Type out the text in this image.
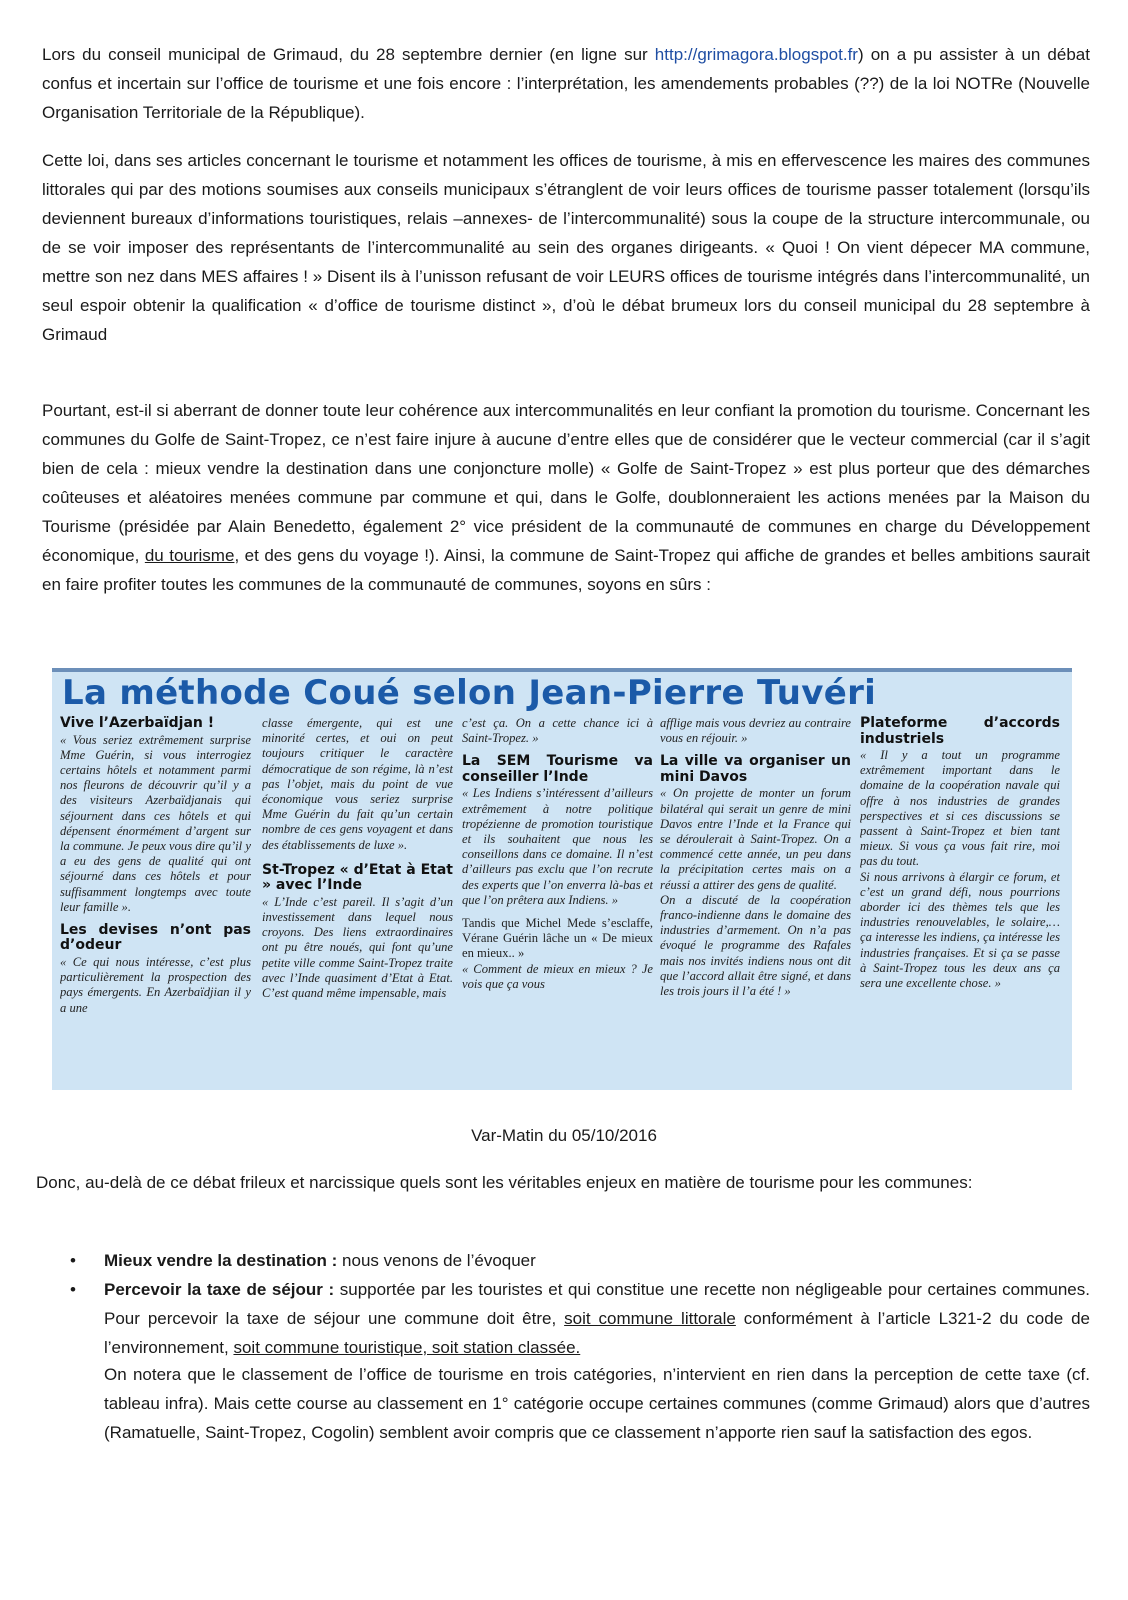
Lors du conseil municipal de Grimaud, du 28 septembre dernier (en ligne sur http://grimagora.blogspot.fr) on a pu assister à un débat confus et incertain sur l’office de tourisme et une fois encore : l’interprétation, les amendements probables (??) de la loi NOTRe (Nouvelle Organisation Territoriale de la République).

Cette loi, dans ses articles concernant le tourisme et notamment les offices de tourisme, à mis en effervescence les maires des communes littorales qui par des motions soumises aux conseils municipaux s’étranglent de voir leurs offices de tourisme passer totalement (lorsqu’ils deviennent bureaux d’informations touristiques, relais –annexes- de l’intercommunalité) sous la coupe de la structure intercommunale, ou de se voir imposer des représentants de l’intercommunalité au sein des organes dirigeants. « Quoi ! On vient dépecer MA commune, mettre son nez dans MES affaires ! » Disent ils à l’unisson refusant de voir LEURS offices de tourisme intégrés dans l’intercommunalité, un seul espoir obtenir la qualification « d’office de tourisme distinct », d’où le débat brumeux lors du conseil municipal du 28 septembre à Grimaud

Pourtant, est-il si aberrant de donner toute leur cohérence aux intercommunalités en leur confiant la promotion du tourisme. Concernant les communes du Golfe de Saint-Tropez, ce n’est faire injure à aucune d’entre elles que de considérer que le vecteur commercial (car il s’agit bien de cela : mieux vendre la destination dans une conjoncture molle) « Golfe de Saint-Tropez » est plus porteur que des démarches coûteuses et aléatoires menées commune par commune et qui, dans le Golfe, doublonneraient les actions menées par la Maison du Tourisme (présidée par Alain Benedetto, également 2° vice président de la communauté de communes en charge du Développement économique, du tourisme, et des gens du voyage !). Ainsi, la commune de Saint-Tropez qui affiche de grandes et belles ambitions saurait en faire profiter toutes les communes de la communauté de communes, soyons en sûrs :

La méthode Coué selon Jean-Pierre Tuvéri
Vive l’Azerbaïdjan !

« Vous seriez extrêmement surprise Mme Guérin, si vous interrogiez certains hôtels et notamment parmi nos fleurons de découvrir qu’il y a des visiteurs Azerbaïdjanais qui séjournent dans ces hôtels et qui dépensent énormément d’argent sur la commune. Je peux vous dire qu’il y a eu des gens de qualité qui ont séjourné dans ces hôtels et pour suffisamment longtemps avec toute leur famille ».

Les devises n’ont pas d’odeur

« Ce qui nous intéresse, c’est plus particulièrement la prospection des pays émergents. En Azerbaïdjian il y a une

classe émergente, qui est une minorité certes, et oui on peut toujours critiquer le caractère démocratique de son régime, là n’est pas l’objet, mais du point de vue économique vous seriez surprise Mme Guérin du fait qu’un certain nombre de ces gens voyagent et dans des établissements de luxe ».

St-Tropez « d’Etat à Etat » avec l’Inde

« L’Inde c’est pareil. Il s’agit d’un investissement dans lequel nous croyons. Des liens extraordinaires ont pu être noués, qui font qu’une petite ville comme Saint-Tropez traite avec l’Inde quasiment d’Etat à Etat. C’est quand même impensable, mais

c’est ça. On a cette chance ici à Saint-Tropez. »

La SEM Tourisme va conseiller l’Inde

« Les Indiens s’intéressent d’ailleurs extrêmement à notre politique tropézienne de promotion touristique et ils souhaitent que nous les conseillons dans ce domaine. Il n’est d’ailleurs pas exclu que l’on recrute des experts que l’on enverra là-bas et que l’on prêtera aux Indiens. »

Tandis que Michel Mede s’esclaffe, Vérane Guérin lâche un « De mieux en mieux.. »

« Comment de mieux en mieux ? Je vois que ça vous

afflige mais vous devriez au contraire vous en réjouir. »

La ville va organiser un mini Davos

« On projette de monter un forum bilatéral qui serait un genre de mini Davos entre l’Inde et la France qui se déroulerait à Saint-Tropez. On a commencé cette année, un peu dans la précipitation certes mais on a réussi a attirer des gens de qualité.

On a discuté de la coopération franco-indienne dans le domaine des industries d’armement. On n’a pas évoqué le programme des Rafales mais nos invités indiens nous ont dit que l’accord allait être signé, et dans les trois jours il l’a été ! »

Plateforme d’accords industriels

« Il y a tout un programme extrêmement important dans le domaine de la coopération navale qui offre à nos industries de grandes perspectives et si ces discussions se passent à Saint-Tropez et bien tant mieux. Si vous ça vous fait rire, moi pas du tout.

Si nous arrivons à élargir ce forum, et c’est un grand défi, nous pourrions aborder ici des thèmes tels que les industries renouvelables, le solaire,… ça interesse les indiens, ça intéresse les industries françaises. Et si ça se passe à Saint-Tropez tous les deux ans ça sera une excellente chose. »

Var-Matin du 05/10/2016

Donc, au-delà de ce débat frileux et narcissique quels sont les véritables enjeux en matière de tourisme pour les communes:

• Mieux vendre la destination : nous venons de l’évoquer
• Percevoir la taxe de séjour : supportée par les touristes et qui constitue une recette non négligeable pour certaines communes. Pour percevoir la taxe de séjour une commune doit être, soit commune littorale conformément à l’article L321-2 du code de l’environnement, soit commune touristique, soit station classée.

On notera que le classement de l’office de tourisme en trois catégories, n’intervient en rien dans la perception de cette taxe (cf. tableau infra). Mais cette course au classement en 1° catégorie occupe certaines communes (comme Grimaud) alors que d’autres (Ramatuelle, Saint-Tropez, Cogolin) semblent avoir compris que ce classement n’apporte rien sauf la satisfaction des egos.
